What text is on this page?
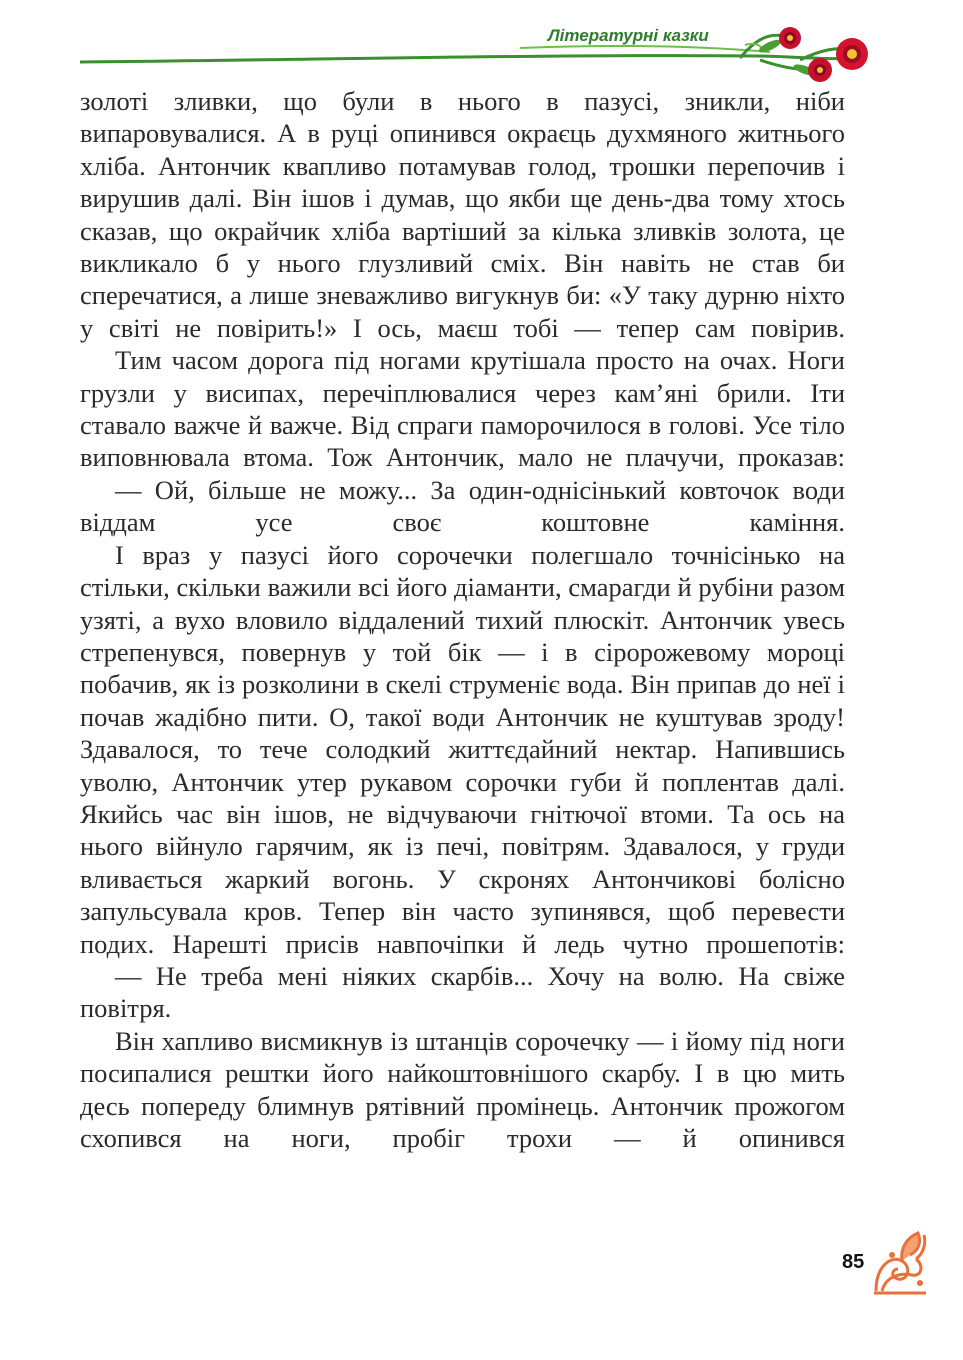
Літературні казки

золоті зливки, що були в нього в пазусі, зникли, ніби випаровувалися. А в руці опинився окраєць духмяного житнього хліба. Антончик квапливо потамував голод, трошки перепочив і вирушив далі. Він ішов і думав, що якби ще день-два тому хтось сказав, що окрайчик хліба вартіший за кілька зливків золота, це викликало б у нього глузливий сміх. Він навіть не став би сперечатися, а лише зневажливо вигукнув би: «У таку дурню ніхто у світі не повірить!» І ось, маєш тобі — тепер сам повірив.

Тим часом дорога під ногами крутішала просто на очах. Ноги грузли у висипах, перечіплювалися через кам’яні брили. Іти ставало важче й важче. Від спраги паморочилося в голові. Усе тіло виповнювала втома. Тож Антончик, мало не плачучи, проказав:

— Ой, більше не можу... За один-однісінький ковточок води віддам усе своє коштовне каміння.

І враз у пазусі його сорочечки полегшало точнісінько на стільки, скільки важили всі його діаманти, смарагди й рубіни разом узяті, а вухо вловило віддалений тихий плюскіт. Антончик увесь стрепенувся, повернув у той бік — і в сіророжевому мороці побачив, як із розколини в скелі струменіє вода. Він припав до неї і почав жадібно пити. О, такої води Антончик не куштував зроду! Здавалося, то тече солодкий життєдайний нектар. Напившись уволю, Антончик утер рукавом сорочки губи й поплентав далі. Якийсь час він ішов, не відчуваючи гнітючої втоми. Та ось на нього війнуло гарячим, як із печі, повітрям. Здавалося, у груди вливається жаркий вогонь. У скронях Антончикові болісно запульсувала кров. Тепер він часто зупинявся, щоб перевести подих. Нарешті присів навпочіпки й ледь чутно прошепотів:

— Не треба мені ніяких скарбів... Хочу на волю. На свіже повітря.

Він хапливо висмикнув із штанців сорочечку — і йому під ноги посипалися рештки його найкоштовнішого скарбу. І в цю мить десь попереду блимнув рятівний промінець. Антончик прожогом схопився на ноги, пробіг трохи — й опинився

85
